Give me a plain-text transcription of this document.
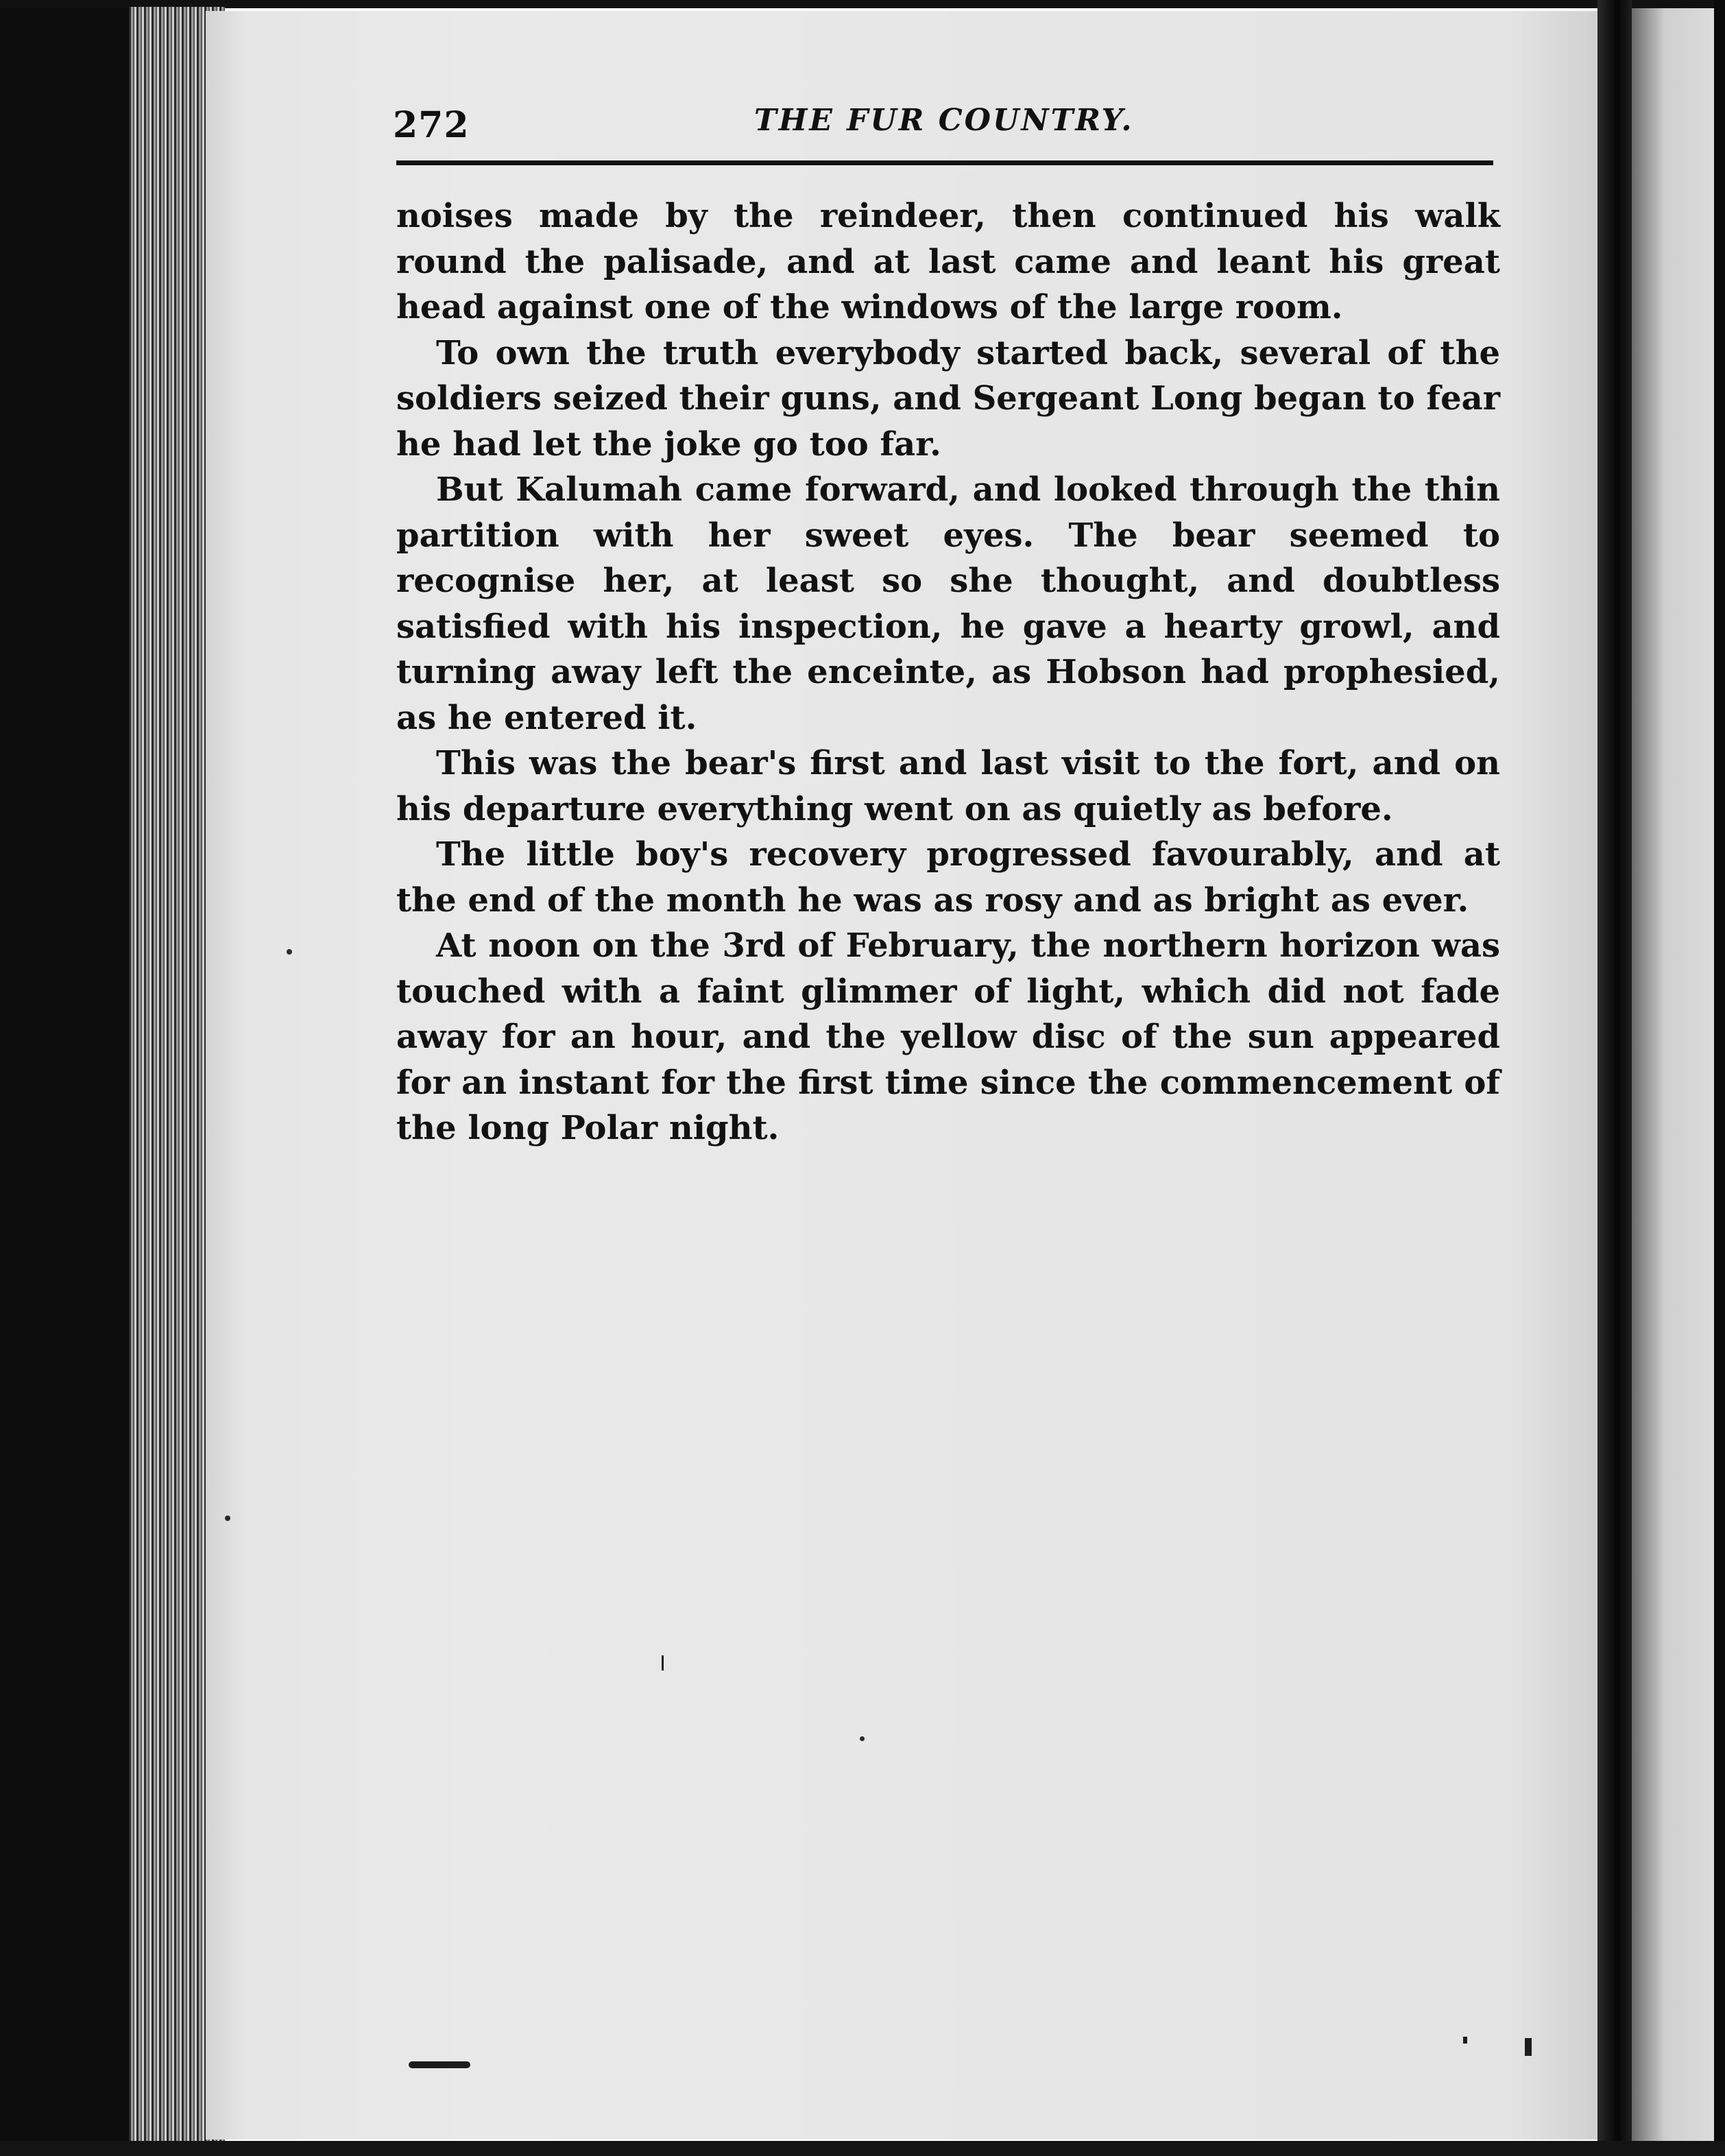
272	THE FUR COUNTRY.

noises made by the reindeer, then continued his walk round the palisade, and at last came and leant his great head against one of the windows of the large room.

To own the truth everybody started back, several of the soldiers seized their guns, and Sergeant Long began to fear he had let the joke go too far.

But Kalumah came forward, and looked through the thin partition with her sweet eyes. The bear seemed to recognise her, at least so she thought, and doubtless satisfied with his inspection, he gave a hearty growl, and turning away left the enceinte, as Hobson had prophesied, as he entered it.

This was the bear's first and last visit to the fort, and on his departure everything went on as quietly as before.

The little boy's recovery progressed favourably, and at the end of the month he was as rosy and as bright as ever.

At noon on the 3rd of February, the northern horizon was touched with a faint glimmer of light, which did not fade away for an hour, and the yellow disc of the sun appeared for an instant for the first time since the commencement of the long Polar night.
